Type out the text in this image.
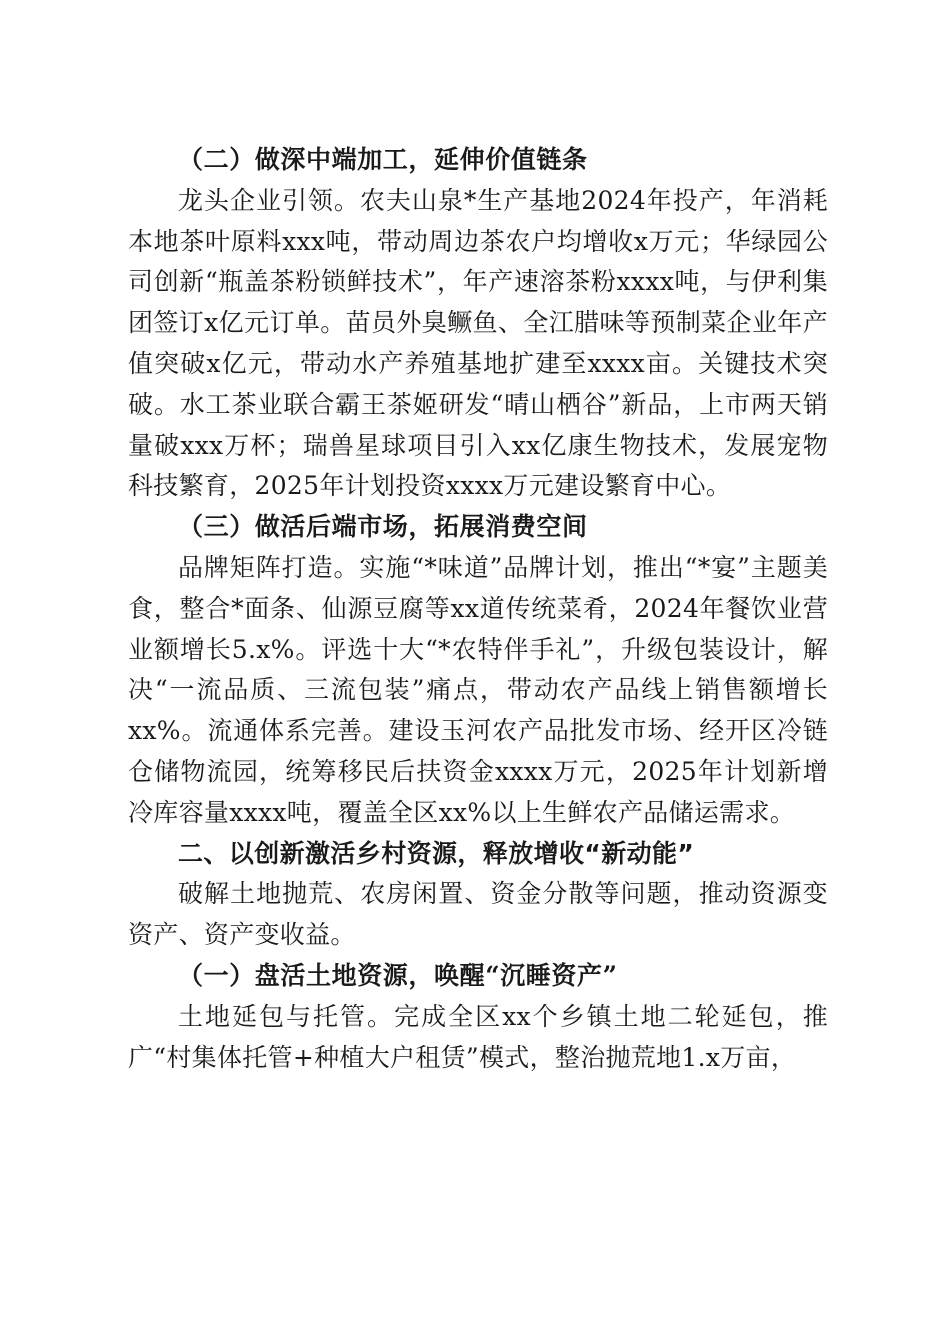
（二）做深中端加工，延伸价值链条

龙头企业引领。农夫山泉*生产基地2024年投产，年消耗本地茶叶原料xxx吨，带动周边茶农户均增收x万元；华绿园公司创新“瓶盖茶粉锁鲜技术”，年产速溶茶粉xxxx吨，与伊利集团签订x亿元订单。苗员外臭鳜鱼、全江腊味等预制菜企业年产值突破x亿元，带动水产养殖基地扩建至xxxx亩。关键技术突破。水工茶业联合霸王茶姬研发“晴山栖谷”新品，上市两天销量破xxx万杯；瑞兽星球项目引入xx亿康生物技术，发展宠物科技繁育，2025年计划投资xxxx万元建设繁育中心。

（三）做活后端市场，拓展消费空间

品牌矩阵打造。实施“*味道”品牌计划，推出“*宴”主题美食，整合*面条、仙源豆腐等xx道传统菜肴，2024年餐饮业营业额增长5.x%。评选十大“*农特伴手礼”，升级包装设计，解决“一流品质、三流包装”痛点，带动农产品线上销售额增长xx%。流通体系完善。建设玉河农产品批发市场、经开区冷链仓储物流园，统筹移民后扶资金xxxx万元，2025年计划新增冷库容量xxxx吨，覆盖全区xx%以上生鲜农产品储运需求。

二、以创新激活乡村资源，释放增收“新动能”

破解土地抛荒、农房闲置、资金分散等问题，推动资源变资产、资产变收益。

（一）盘活土地资源，唤醒“沉睡资产”

土地延包与托管。完成全区xx个乡镇土地二轮延包，推广“村集体托管+种植大户租赁”模式，整治抛荒地1.x万亩，
